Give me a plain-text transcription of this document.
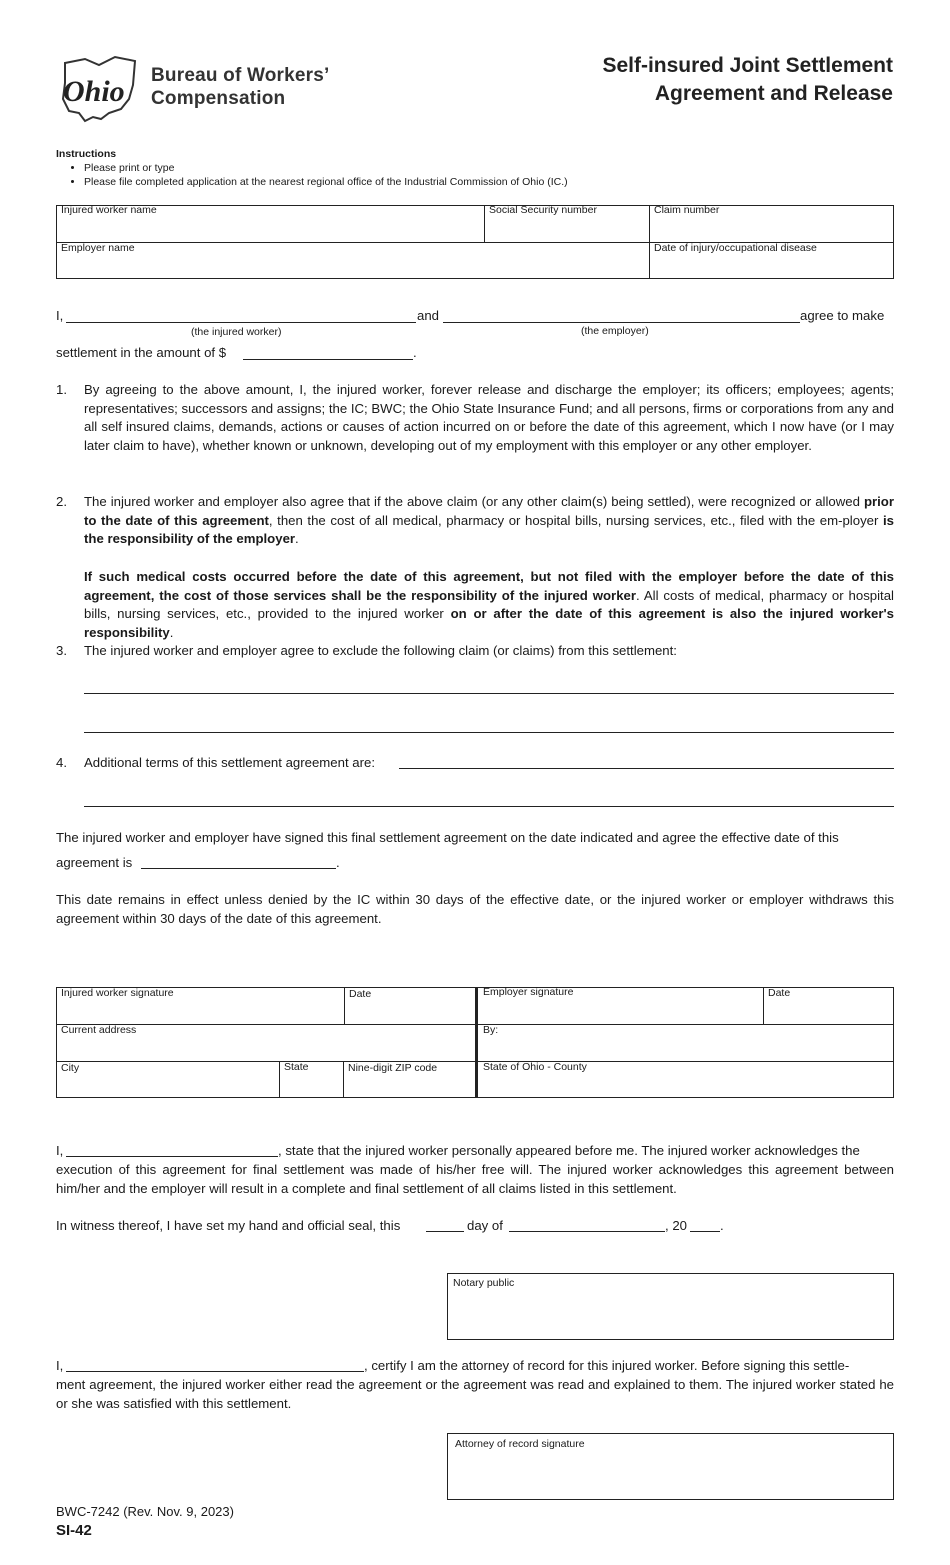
Ohio Bureau of Workers’
Compensation
Self-insured Joint Settlement
Agreement and Release
Instructions
• Please print or type
• Please file completed application at the nearest regional office of the Industrial Commission of Ohio (IC.)
Injured worker name	Social Security number	Claim number
Employer name	Date of injury/occupational disease
I,	and	agree to make
(the injured worker)	(the employer)
settlement in the amount of $	.
1. By agreeing to the above amount, I, the injured worker, forever release and discharge the employer; its officers; employees; agents; representatives; successors and assigns; the IC; BWC; the Ohio State Insurance Fund; and all persons, firms or corporations from any and all self insured claims, demands, actions or causes of action incurred on or before the date of this agreement, which I now have (or I may later claim to have), whether known or unknown, developing out of my employment with this employer or any other employer.
2. The injured worker and employer also agree that if the above claim (or any other claim(s) being settled), were recognized or allowed prior to the date of this agreement, then the cost of all medical, pharmacy or hospital bills, nursing services, etc., filed with the em-ployer is the responsibility of the employer.
If such medical costs occurred before the date of this agreement, but not filed with the employer before the date of this agreement, the cost of those services shall be the responsibility of the injured worker. All costs of medical, pharmacy or hospital bills, nursing services, etc., provided to the injured worker on or after the date of this agreement is also the injured worker's responsibility.
3. The injured worker and employer agree to exclude the following claim (or claims) from this settlement:
4. Additional terms of this settlement agreement are:
The injured worker and employer have signed this final settlement agreement on the date indicated and agree the effective date of this
agreement is	.
This date remains in effect unless denied by the IC within 30 days of the effective date, or the injured worker or employer withdraws this agreement within 30 days of the date of this agreement.
Injured worker signature	Date	Employer signature	Date
Current address	By:
City	State	Nine-digit ZIP code	State of Ohio - County
I,	, state that the injured worker personally appeared before me. The injured worker acknowledges the
execution of this agreement for final settlement was made of his/her free will. The injured worker acknowledges this agreement between him/her and the employer will result in a complete and final settlement of all claims listed in this settlement.
In witness thereof, I have set my hand and official seal, this	day of	, 20	.
Notary public
I,	, certify I am the attorney of record for this injured worker. Before signing this settle-
ment agreement, the injured worker either read the agreement or the agreement was read and explained to them. The injured worker stated he or she was satisfied with this settlement.
Attorney of record signature
BWC-7242 (Rev. Nov. 9, 2023)
SI-42
